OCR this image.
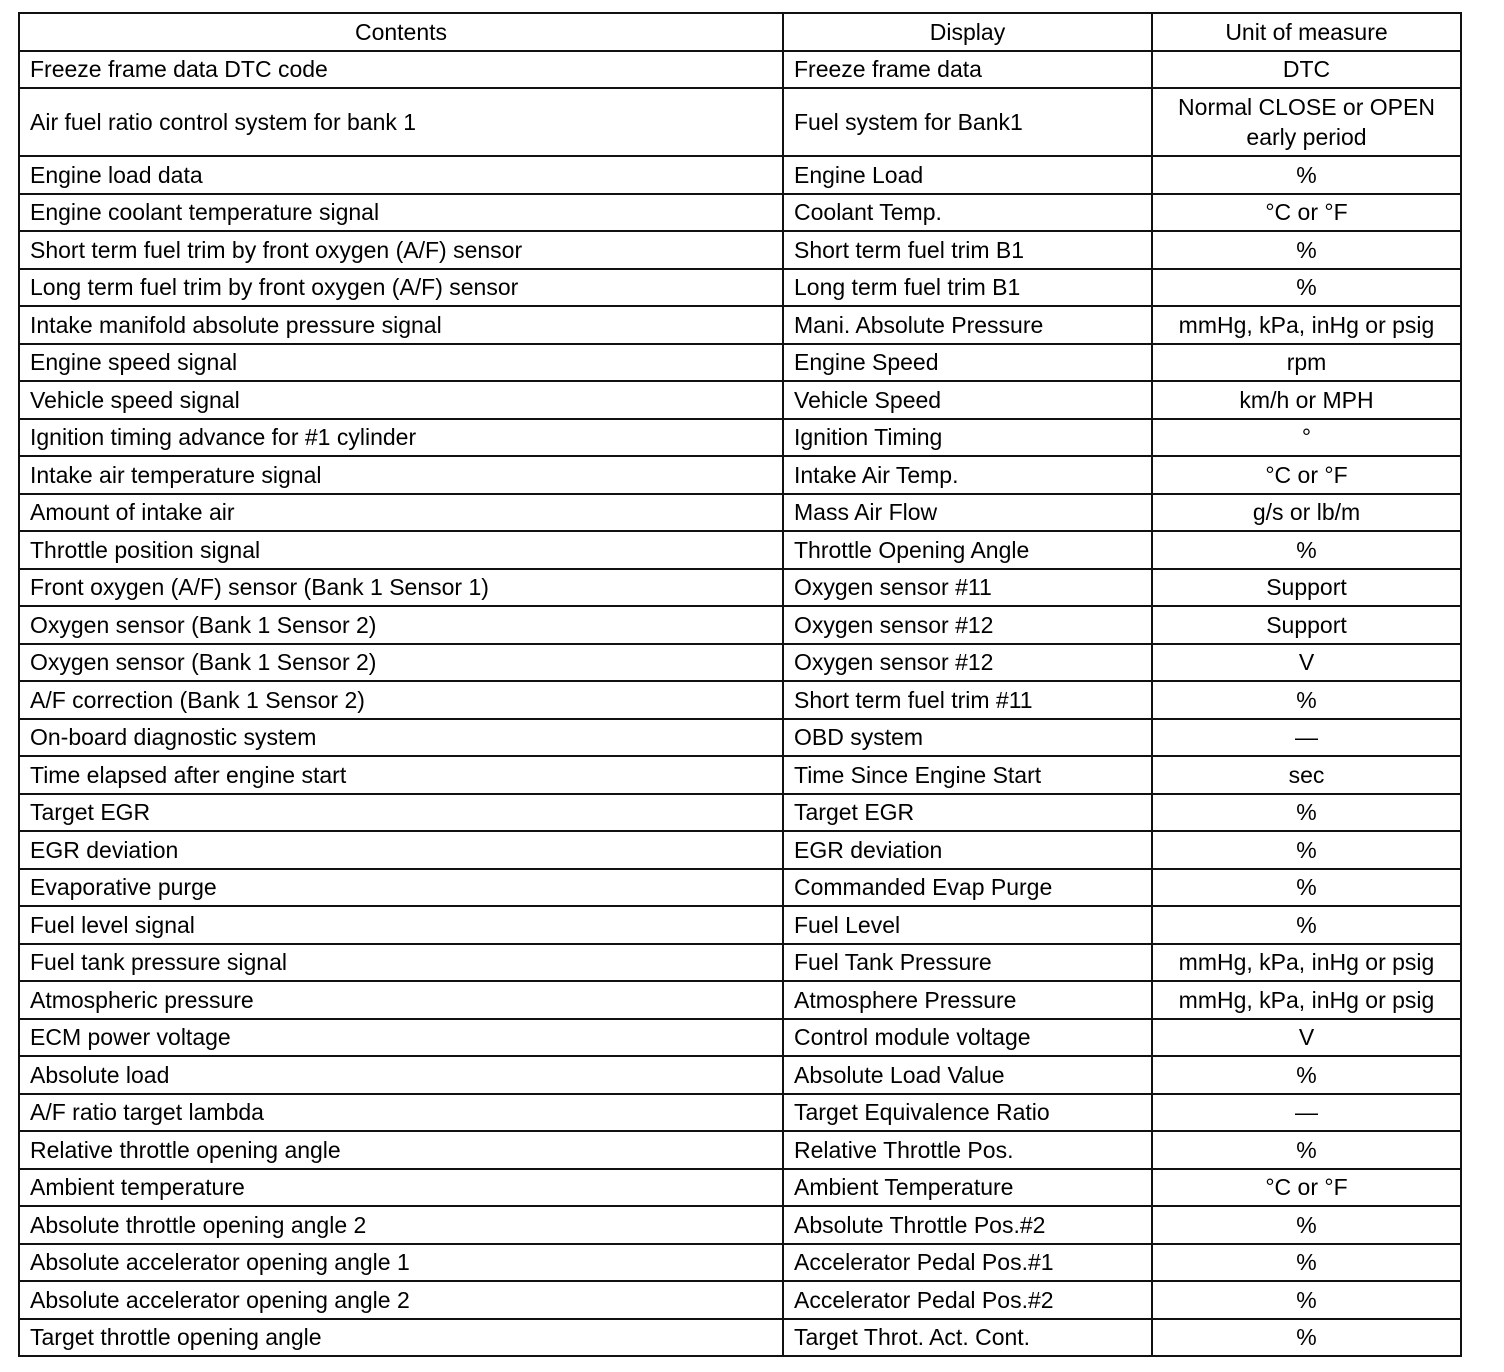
Contents	Display	Unit of measure
Freeze frame data DTC code	Freeze frame data	DTC
Air fuel ratio control system for bank 1	Fuel system for Bank1	Normal CLOSE or OPEN early period
Engine load data	Engine Load	%
Engine coolant temperature signal	Coolant Temp.	°C or °F
Short term fuel trim by front oxygen (A/F) sensor	Short term fuel trim B1	%
Long term fuel trim by front oxygen (A/F) sensor	Long term fuel trim B1	%
Intake manifold absolute pressure signal	Mani. Absolute Pressure	mmHg, kPa, inHg or psig
Engine speed signal	Engine Speed	rpm
Vehicle speed signal	Vehicle Speed	km/h or MPH
Ignition timing advance for #1 cylinder	Ignition Timing	°
Intake air temperature signal	Intake Air Temp.	°C or °F
Amount of intake air	Mass Air Flow	g/s or lb/m
Throttle position signal	Throttle Opening Angle	%
Front oxygen (A/F) sensor (Bank 1 Sensor 1)	Oxygen sensor #11	Support
Oxygen sensor (Bank 1 Sensor 2)	Oxygen sensor #12	Support
Oxygen sensor (Bank 1 Sensor 2)	Oxygen sensor #12	V
A/F correction (Bank 1 Sensor 2)	Short term fuel trim #11	%
On-board diagnostic system	OBD system	—
Time elapsed after engine start	Time Since Engine Start	sec
Target EGR	Target EGR	%
EGR deviation	EGR deviation	%
Evaporative purge	Commanded Evap Purge	%
Fuel level signal	Fuel Level	%
Fuel tank pressure signal	Fuel Tank Pressure	mmHg, kPa, inHg or psig
Atmospheric pressure	Atmosphere Pressure	mmHg, kPa, inHg or psig
ECM power voltage	Control module voltage	V
Absolute load	Absolute Load Value	%
A/F ratio target lambda	Target Equivalence Ratio	—
Relative throttle opening angle	Relative Throttle Pos.	%
Ambient temperature	Ambient Temperature	°C or °F
Absolute throttle opening angle 2	Absolute Throttle Pos.#2	%
Absolute accelerator opening angle 1	Accelerator Pedal Pos.#1	%
Absolute accelerator opening angle 2	Accelerator Pedal Pos.#2	%
Target throttle opening angle	Target Throt. Act. Cont.	%
